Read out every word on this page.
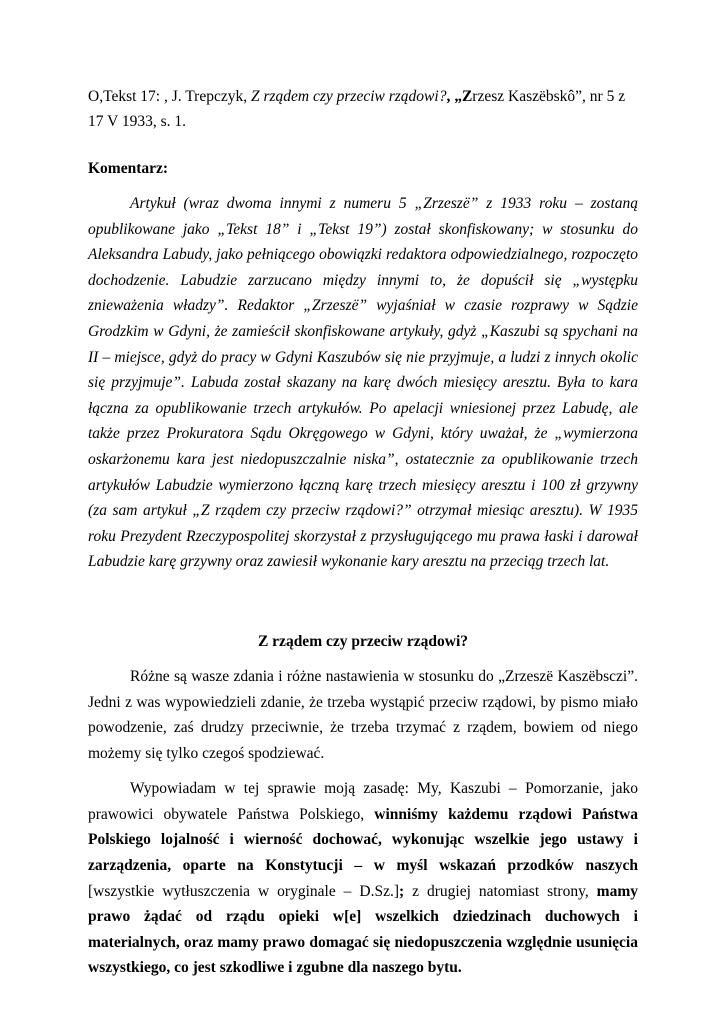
O,Tekst 17: , J. Trepczyk, Z rządem czy przeciw rządowi?, „Zrzesz Kaszëbskô”, nr 5 z 17 V 1933, s. 1.

Komentarz:

Artykuł (wraz dwoma innymi z numeru 5 „Zrzeszë” z 1933 roku – zostaną opublikowane jako „Tekst 18” i „Tekst 19”) został skonfiskowany; w stosunku do Aleksandra Labudy, jako pełniącego obowiązki redaktora odpowiedzialnego, rozpoczęto dochodzenie. Labudzie zarzucano między innymi to, że dopuścił się „występku znieważenia władzy”. Redaktor „Zrzeszë” wyjaśniał w czasie rozprawy w Sądzie Grodzkim w Gdyni, że zamieścił skonfiskowane artykuły, gdyż „Kaszubi są spychani na II – miejsce, gdyż do pracy w Gdyni Kaszubów się nie przyjmuje, a ludzi z innych okolic się przyjmuje”. Labuda został skazany na karę dwóch miesięcy aresztu. Była to kara łączna za opublikowanie trzech artykułów. Po apelacji wniesionej przez Labudę, ale także przez Prokuratora Sądu Okręgowego w Gdyni, który uważał, że „wymierzona oskarżonemu kara jest niedopuszczalnie niska”, ostatecznie za opublikowanie trzech artykułów Labudzie wymierzono łączną karę trzech miesięcy aresztu i 100 zł grzywny (za sam artykuł „Z rządem czy przeciw rządowi?” otrzymał miesiąc aresztu). W 1935 roku Prezydent Rzeczypospolitej skorzystał z przysługującego mu prawa łaski i darował Labudzie karę grzywny oraz zawiesił wykonanie kary aresztu na przeciąg trzech lat.

Z rządem czy przeciw rządowi?

Różne są wasze zdania i różne nastawienia w stosunku do „Zrzeszë Kaszëbsczi”. Jedni z was wypowiedzieli zdanie, że trzeba wystąpić przeciw rządowi, by pismo miało powodzenie, zaś drudzy przeciwnie, że trzeba trzymać z rządem, bowiem od niego możemy się tylko czegoś spodziewać.

Wypowiadam w tej sprawie moją zasadę: My, Kaszubi – Pomorzanie, jako prawowici obywatele Państwa Polskiego, winniśmy każdemu rządowi Państwa Polskiego lojalność i wierność dochować, wykonując wszelkie jego ustawy i zarządzenia, oparte na Konstytucji – w myśl wskazań przodków naszych [wszystkie wytłuszczenia w oryginale – D.Sz.]; z drugiej natomiast strony, mamy prawo żądać od rządu opieki w[e] wszelkich dziedzinach duchowych i materialnych, oraz mamy prawo domagać się niedopuszczenia względnie usunięcia wszystkiego, co jest szkodliwe i zgubne dla naszego bytu.
